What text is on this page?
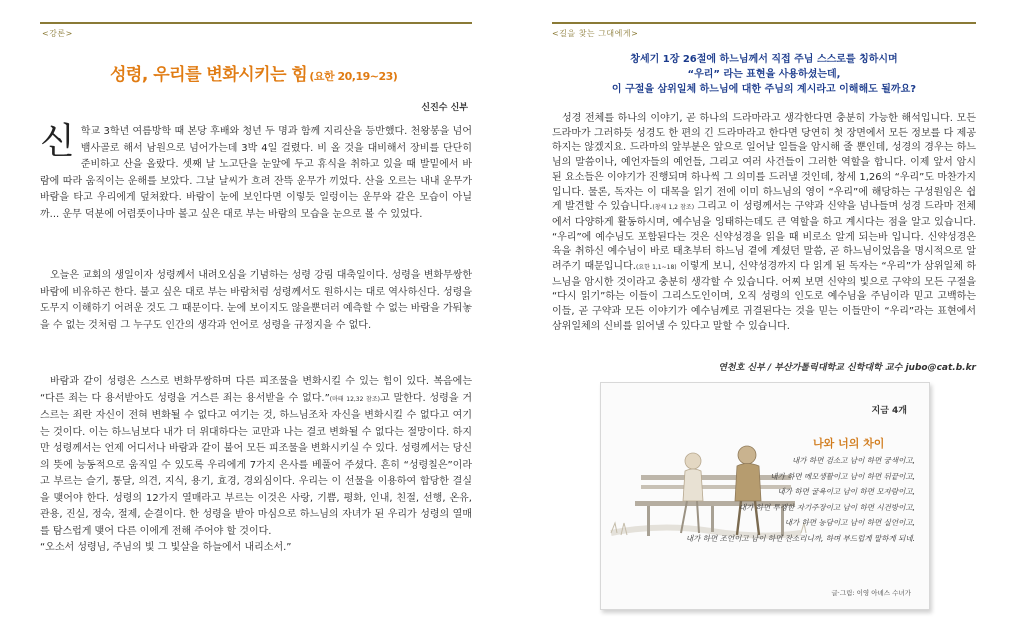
<강론>
성령, 우리를 변화시키는 힘 (요한 20,19~23)
신진수 신부
신학교 3학년 여름방학 때 본당 후배와 청년 두 명과 함께 지리산을 등반했다. 천왕봉을 넘어 뱀사골로 해서 남원으로 넘어가는데 3박 4일 걸렸다. 비 올 것을 대비해서 장비를 단단히 준비하고 산을 올랐다. 셋째 날 노고단을 눈앞에 두고 휴식을 취하고 있을 때 발밑에서 바람에 따라 움직이는 운해를 보았다. 그날 날씨가 흐려 잔뜩 운무가 끼었다. 산을 오르는 내내 운무가 바람을 타고 우리에게 덮쳐왔다. 바람이 눈에 보인다면 이렇듯 일렁이는 운무와 같은 모습이 아닐까... 운무 덕분에 어렴풋이나마 볼고 싶은 대로 부는 바람의 모습을 눈으로 볼 수 있었다.
오늘은 교회의 생일이자 성령께서 내려오심을 기념하는 성령 강림 대축일이다. 성령을 변화무쌍한 바람에 비유하곤 한다. 불고 싶은 대로 부는 바람처럼 성령께서도 원하시는 대로 역사하신다. 성령을 도무지 이해하기 어려운 것도 그 때문이다. 눈에 보이지도 않을뿐더러 예측할 수 없는 바람을 가둬놓을 수 없는 것처럼 그 누구도 인간의 생각과 언어로 성령을 규정지을 수 없다.
바람과 같이 성령은 스스로 변화무쌍하며 다른 피조물을 변화시킬 수 있는 힘이 있다. 복음에는 “다른 죄는 다 용서받아도 성령을 거스른 죄는 용서받을 수 없다.”(마태 12,32 참조)고 말한다. 성령을 거스르는 죄란 자신이 전혀 변화될 수 없다고 여기는 것, 하느님조차 자신을 변화시킬 수 없다고 여기는 것이다. 이는 하느님보다 내가 더 위대하다는 교만과 나는 결코 변화될 수 없다는 절망이다. 하지만 성령께서는 언제 어디서나 바람과 같이 불어 모든 피조물을 변화시키실 수 있다. 성령께서는 당신의 뜻에 능동적으로 움직일 수 있도록 우리에게 7가지 은사를 베풀어 주셨다. 흔히 “성령칠은”이라고 부르는 슬기, 통달, 의견, 지식, 용기, 효경, 경외심이다. 우리는 이 선물을 이용하여 합당한 결실을 맺어야 한다. 성령의 12가지 열매라고 부르는 이것은 사랑, 기쁨, 평화, 인내, 친절, 선행, 온유, 관용, 진실, 정숙, 절제, 순결이다. 한 성령을 받아 마심으로 하느님의 자녀가 된 우리가 성령의 열매를 탐스럽게 맺어 다른 이에게 전해 주어야 할 것이다.
“오소서 성령님, 주님의 빛 그 빛살을 하늘에서 내리소서.”
<길을 찾는 그대에게>
창세기 1장 26절에 하느님께서 직접 주님 스스로를 칭하시며
“우리” 라는 표현을 사용하셨는데,
이 구절을 삼위일체 하느님에 대한 주님의 계시라고 이해해도 될까요?
성경 전체를 하나의 이야기, 곧 하나의 드라마라고 생각한다면 충분히 가능한 해석입니다. 모든 드라마가 그러하듯 성경도 한 편의 긴 드라마라고 한다면 당연히 첫 장면에서 모든 정보를 다 제공하지는 않겠지요. 드라마의 앞부분은 앞으로 일어날 일들을 암시해 줄 뿐인데, 성경의 경우는 하느님의 말씀이나, 예언자들의 예언들, 그리고 여러 사건들이 그러한 역할을 합니다. 이제 앞서 암시된 요소들은 이야기가 진행되며 하나씩 그 의미를 드러낼 것인데, 창세 1,26의 “우리”도 마찬가지입니다. 물론, 독자는 이 대목을 읽기 전에 이미 하느님의 영이 “우리”에 해당하는 구성원임은 쉽게 발견할 수 있습니다.(창세 1,2 참조) 그리고 이 성령께서는 구약과 신약을 넘나들며 성경 드라마 전체에서 다양하게 활동하시며, 예수님을 잉태하는데도 큰 역할을 하고 계시다는 점을 알고 있습니다. “우리”에 예수님도 포함된다는 것은 신약성경을 읽을 때 비로소 알게 되는바 입니다. 신약성경은 육을 취하신 예수님이 바로 태초부터 하느님 곁에 계셨던 말씀, 곧 하느님이었음을 명시적으로 알려주기 때문입니다.(요한 1,1~18) 이렇게 보니, 신약성경까지 다 읽게 된 독자는 “우리”가 삼위일체 하느님을 암시한 것이라고 충분히 생각할 수 있습니다. 어찌 보면 신약의 빛으로 구약의 모든 구절을 “다시 읽기”하는 이들이 그리스도인이며, 오직 성령의 인도로 예수님을 주님이라 믿고 고백하는 이들, 곧 구약과 모든 이야기가 예수님께로 귀결된다는 것을 믿는 이들만이 “우리”라는 표현에서 삼위일체의 신비를 읽어낼 수 있다고 말할 수 있습니다.
연천호 신부 / 부산가톨릭대학교 신학대학 교수 jubo@cat.b.kr
지금 4개
나와 너의 차이
내가 하면 검소고 남이 하면 궁색이고,
내가 하면 메모생활이고 남이 하면 뒤끝이고,
내가 하면 굴욕이고 남이 하면 모자람이고,
내가 하면 투쟁한 자기주장이고 남이 하면 시건방이고,
내가 하면 농담이고 남이 하면 실언이고,
내가 하면 조언이고 남이 하면 잔소리니까, 하며 부드럽게 말하게 되네.
글·그림: 이영 아녜스 수녀가
